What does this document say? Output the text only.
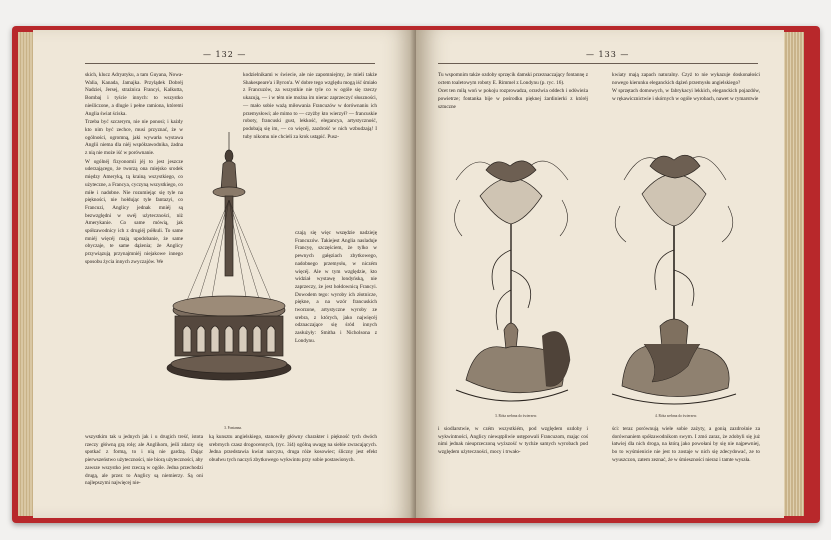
— 132 —

skich, klucz Adryatyku, a tam Guyana, Nowa-Walia, Kanada, Jamajka. Przylądek Dobréj Nadziei, Jersej, strażnica Francyi, Kalkutta, Bombaj i tyście innych: to wszystko nieśliczone, a dlugie i pełne ramiona, któremi Anglia świat ściska.

Trzeba być szczerym, nie nie ponosi; i każdy kto nim być zechce, musi przyznać, że w ogólności, ogromną, jaki wywarła wystawa Anglii niema dla niéj współzawodnika, żadna z nią nie może iść w porównanie.

W ogólnéj fizyonomii jéj to jest jeszcze uderzającego, że tworzą ona miejsko srodek między Ameryką, tą krainą wszystkiego, co użyteczne, a Francya, cyczyną wszystkiego, co miłe i nadobne. Nie rozumiejąc się tyle na piękności, nie hołdując tyle fantazyi, co Francuzi, Anglicy jednak mniéj są bezwzględni w swéj użyteczności, niż Amerykanie. Co same mówią, jak spółzawodnicy ich z drugiéj półkuli. To same mniéj więcéj mają upodobanie, że same obyczaje, te same dążenia; że Anglicy przywiązują przynajmniéj niejakowe innego sposobu życia innych zwyczajów. We

kodzielnikami w świecie, ale nie zapomniejmy, że mieli także Shakespeare'a i Byron'a. W dobre tego względu mogą iść śmiało z Francuzów, za wszystkie nie tyle co w ogóle się rzeczy ukazują, — i w tém nie można im nierac zaprzeczyć słuszności, — mało sobie ważą miłowania Francuzów w dorównaniu ich przemysłowi; ale mimo to — czyżby kto wierzył? — francuskie roboty, francuski gust, lekkość, elegancya, artystyczność, podobają się im, — co więcéj, zazdrość w nich wzbudzają! I tuby nikomu nie chcieli za krok ustąpić. Pusz-

czają się więc wszędzie nadzieję Francuzów. Takiejest Anglia nasladuje Francyę, szczęściem, że tylko w pewnych gałęziach zbytkowego, nadobnego przemysłu, w niczém więcéj. Ale w tym względzie, kto widział wystawę londyńską, nie zaprzeczy, że jest hołdownicą Francyi. Dowodem tego: wyroby ich złotnicze, piękne, a na wzór francuskich tworzone, artystyczne wyroby ze srebra, z których, jako najwięcéj odznaczające się śród innych zasłużyły: Smitha i Nicholsona z Londynu.

3. Fontanna.

wszystkim tak u jednych jak i u drugich treść, istota rzeczy główną grą rolę; ale Anglikom, jeśli zdarzy się spotkać z formą, to i nią nie gardzą. Dając pierwszeństwo użyteczności, nie biorą użyteczności, aby zawsze wszystko jest rzeczą w ogóle. Jedna przechodzi drugą, ale przez to Anglicy są niemierzy. Są oni najlepszymi najwięcej nie-

ką kunsztu angielskiego, stanowiły główny charakter i piękność tych dwóch srebrnych czasz drogocennych, (ryc. 3i4) ogólną uwagę na siebie zwracających. Jedna przedstawia kwiat narcyzu, druga róże kosowiec; śliczny jest efekt obudwu tych naczyń zbytkowego wykwintu przy sobie postawionych.

— 133 —

Tu wspomnim także ozdoby sprzęcik damski przeznaczający fontannę z octem toaletowym roboty E. Rimmel z Londynu (p. ryc. 16).

Ocet ten milą woń w pokoju rozprowadza, orzeźwia oddech i odświeża powietrze; fontanka bije w pośrodku pięknej żardinierki z któréj sztuczne

kwiaty mają zapach naturalny. Czyż to nie wykazuje doskonałości nowego kierunku eleganckich dążeń przemysłu angielskiego?

W sprzętach domowych, w fabrykacyi lekkich, eleganckich pojazdów, w rękawicznictwie i skórnych w ogóle wyrobach, nawet w rymarstwie

3. Róża srebrna do świerzew.	4. Róża srebrna do świerzew.

i siodlarstwie, w czém wszystkiém, pod względem ozdoby i wykwintności, Anglicy niewątpliwie ustępowali Francuzom, mając coś nimi jednak nieuprzeczoną wyższość w tychże samych wyrobach pod względem użyteczności, mocy i trwało-

ści: teraz porównują wiele sobie zażyty, a gonią zazdrośnie za dorównaniem spółzawodnikom swym. I zmó zaraz, że zdobyli się już łatwiej dla nich droga, na którą jako powołani by się nie najpewniej, bo to wyśmienicie nie jest to zostaje w nich się zdecydować, ze to wyuszczon, zatem zeznać, że w śmieszności nieraz i tamte wyszła.
